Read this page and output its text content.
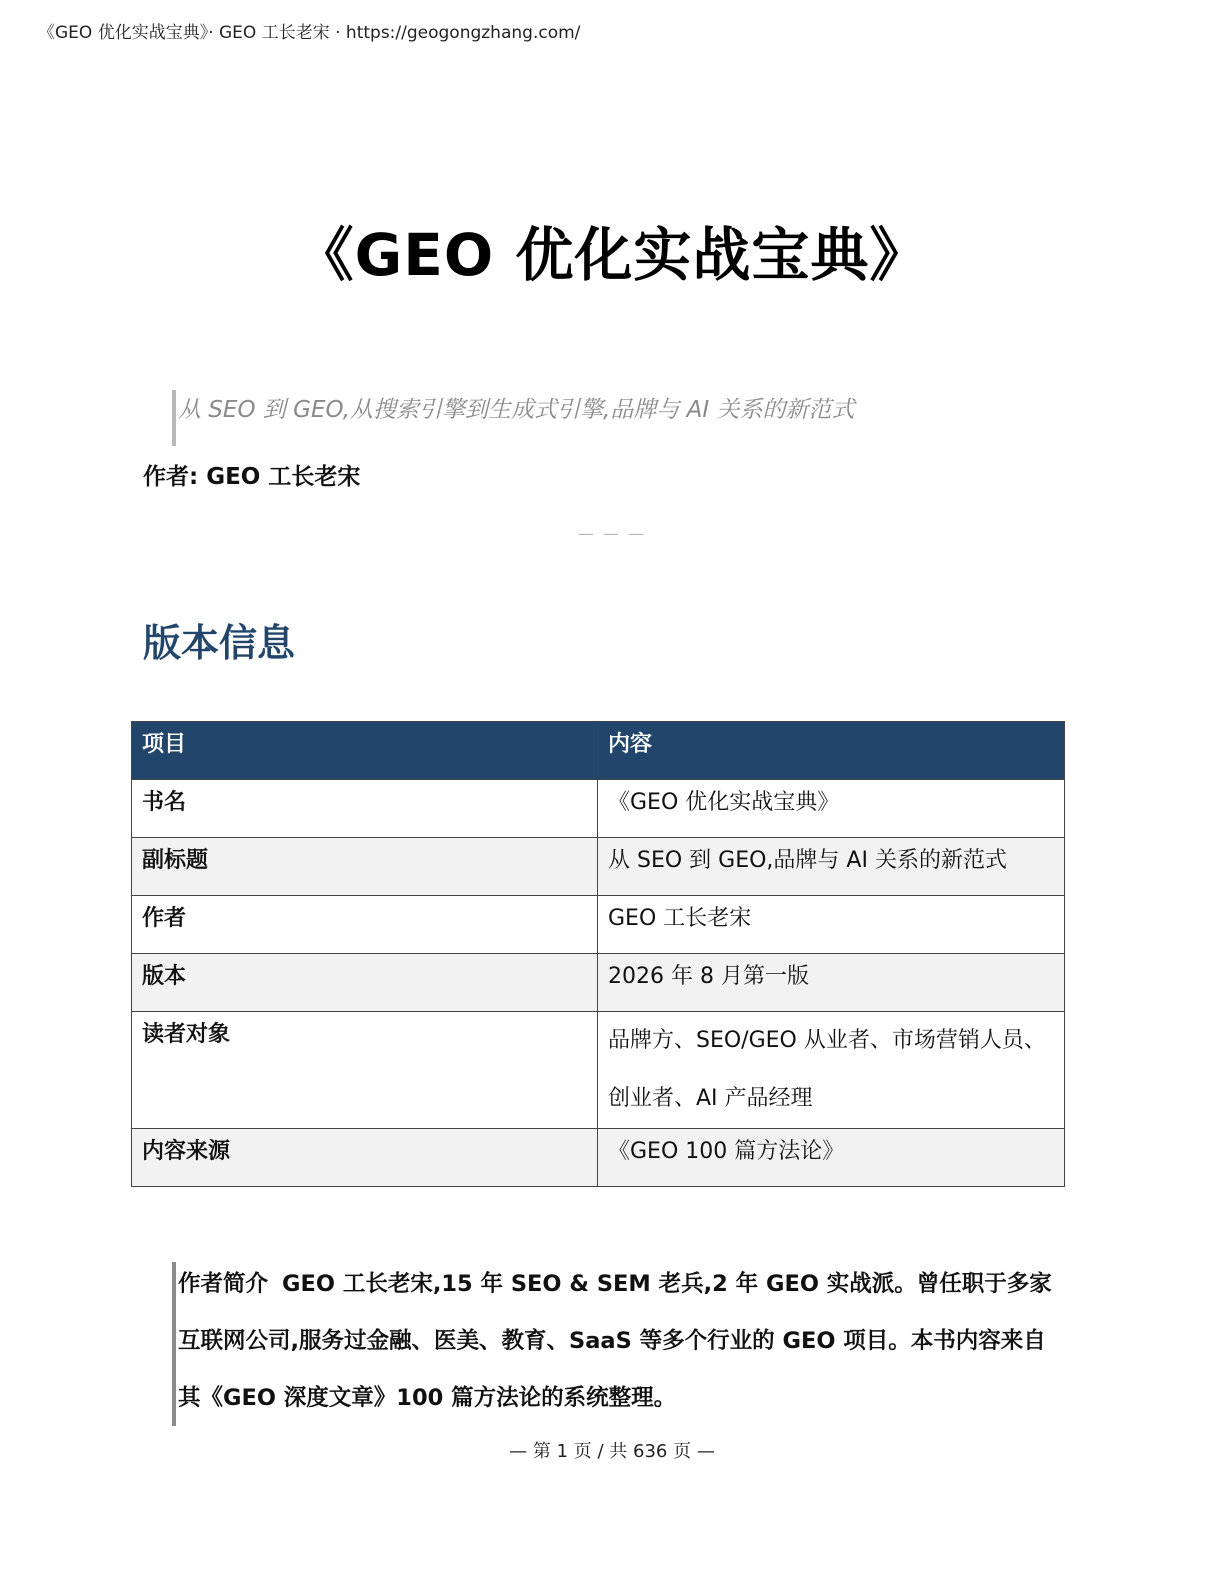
《GEO 优化实战宝典》· GEO 工长老宋 · https://geogongzhang.com/
《GEO 优化实战宝典》
从 SEO 到 GEO,从搜索引擎到生成式引擎,品牌与 AI 关系的新范式
作者: GEO 工长老宋
— — —
版本信息
项目	内容
书名	《GEO 优化实战宝典》
副标题	从 SEO 到 GEO,品牌与 AI 关系的新范式
作者	GEO 工长老宋
版本	2026 年 8 月第一版
读者对象	品牌方、SEO/GEO 从业者、市场营销人员、创业者、AI 产品经理
内容来源	《GEO 100 篇方法论》
作者简介 GEO 工长老宋,15 年 SEO & SEM 老兵,2 年 GEO 实战派。曾任职于多家互联网公司,服务过金融、医美、教育、SaaS 等多个行业的 GEO 项目。本书内容来自其《GEO 深度文章》100 篇方法论的系统整理。
— 第 1 页 / 共 636 页 —
